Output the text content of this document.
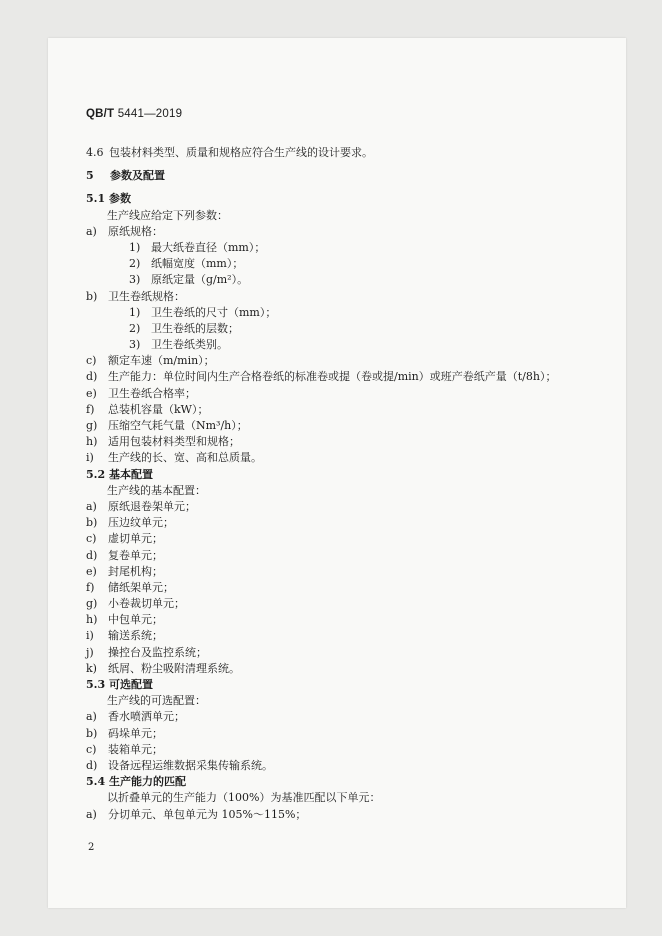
QB/T 5441—2019
4.6 包装材料类型、质量和规格应符合生产线的设计要求。
5 参数及配置
5.1 参数
生产线应给定下列参数：
a) 原纸规格：
1) 最大纸卷直径（mm）；
2) 纸幅宽度（mm）；
3) 原纸定量（g/m²）。
b) 卫生卷纸规格：
1) 卫生卷纸的尺寸（mm）；
2) 卫生卷纸的层数；
3) 卫生卷纸类别。
c) 额定车速（m/min）；
d) 生产能力：单位时间内生产合格卷纸的标准卷或提（卷或提/min）或班产卷纸产量（t/8h）；
e) 卫生卷纸合格率；
f) 总装机容量（kW）；
g) 压缩空气耗气量（Nm³/h）；
h) 适用包装材料类型和规格；
i) 生产线的长、宽、高和总质量。
5.2 基本配置
生产线的基本配置：
a) 原纸退卷架单元；
b) 压边纹单元；
c) 虚切单元；
d) 复卷单元；
e) 封尾机构；
f) 储纸架单元；
g) 小卷裁切单元；
h) 中包单元；
i) 输送系统；
j) 操控台及监控系统；
k) 纸屑、粉尘吸附清理系统。
5.3 可选配置
生产线的可选配置：
a) 香水喷洒单元；
b) 码垛单元；
c) 装箱单元；
d) 设备远程运维数据采集传输系统。
5.4 生产能力的匹配
以折叠单元的生产能力（100%）为基准匹配以下单元：
a) 分切单元、单包单元为 105%～115%；
2
